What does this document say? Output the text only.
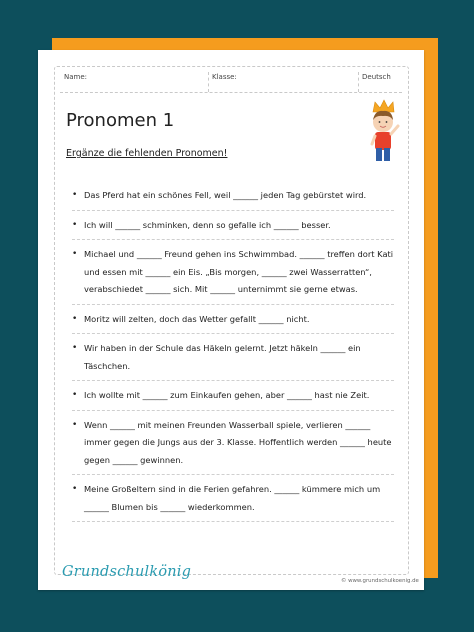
Name:	Klasse:	Deutsch
Pronomen 1
Ergänze die fehlenden Pronomen!
• Das Pferd hat ein schönes Fell, weil ______ jeden Tag gebürstet wird.
• Ich will ______ schminken, denn so gefalle ich ______ besser.
• Michael und ______ Freund gehen ins Schwimmbad. ______ treffen dort Kati und essen mit ______ ein Eis. „Bis morgen, ______ zwei Wasserratten“, verabschiedet ______ sich. Mit ______ unternimmt sie gerne etwas.
• Moritz will zelten, doch das Wetter gefallt ______ nicht.
• Wir haben in der Schule das Häkeln gelernt. Jetzt häkeln ______ ein Täschchen.
• Ich wollte mit ______ zum Einkaufen gehen, aber ______ hast nie Zeit.
• Wenn ______ mit meinen Freunden Wasserball spiele, verlieren ______ immer gegen die Jungs aus der 3. Klasse. Hoffentlich werden ______ heute gegen ______ gewinnen.
• Meine Großeltern sind in die Ferien gefahren. ______ kümmere mich um ______ Blumen bis ______ wiederkommen.
Grundschulkönig
© www.grundschulkoenig.de
